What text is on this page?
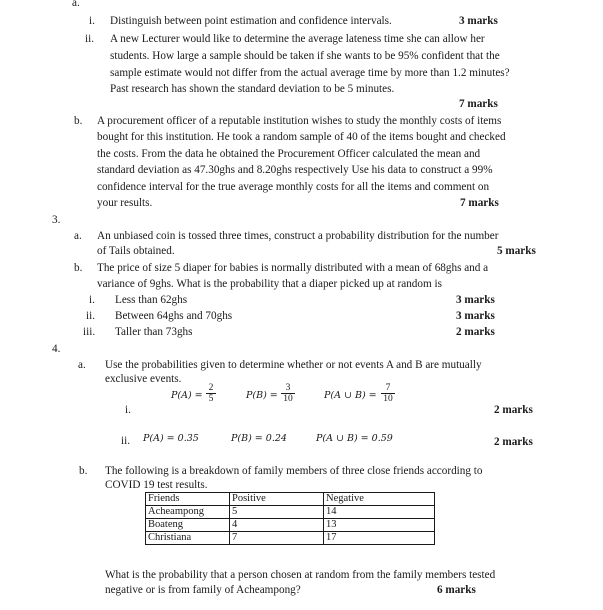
a.
i. Distinguish between point estimation and confidence intervals.	3 marks
ii. A new Lecturer would like to determine the average lateness time she can allow her
students. How large a sample should be taken if she wants to be 95% confident that the
sample estimate would not differ from the actual average time by more than 1.2 minutes?
Past research has shown the standard deviation to be 5 minutes.
7 marks
b. A procurement officer of a reputable institution wishes to study the monthly costs of items
bought for this institution. He took a random sample of 40 of the items bought and checked
the costs. From the data he obtained the Procurement Officer calculated the mean and
standard deviation as 47.30ghs and 8.20ghs respectively Use his data to construct a 99%
confidence interval for the true average monthly costs for all the items and comment on
your results.	7 marks
3.
a. An unbiased coin is tossed three times, construct a probability distribution for the number
of Tails obtained.	5 marks
b. The price of size 5 diaper for babies is normally distributed with a mean of 68ghs and a
variance of 9ghs. What is the probability that a diaper picked up at random is
i. Less than 62ghs	3 marks
ii. Between 64ghs and 70ghs	3 marks
iii. Taller than 73ghs	2 marks
4.
a. Use the probabilities given to determine whether or not events A and B are mutually
exclusive events.
i.
$P(A) = \frac{2}{5}$	$P(B) = \frac{3}{10}$	P(A ∪ $B) = \frac{7}{10}$
2 marks
ii. P(A) = 0.35	P(B) = 0.24	P(A ∪ B) = 0.59	2 marks
b. The following is a breakdown of family members of three close friends according to
COVID 19 test results.
Friends	Positive	Negative
Acheampong	5	14
Boateng	4	13
Christiana	7	17
What is the probability that a person chosen at random from the family members tested
negative or is from family of Acheampong?	6 marks
